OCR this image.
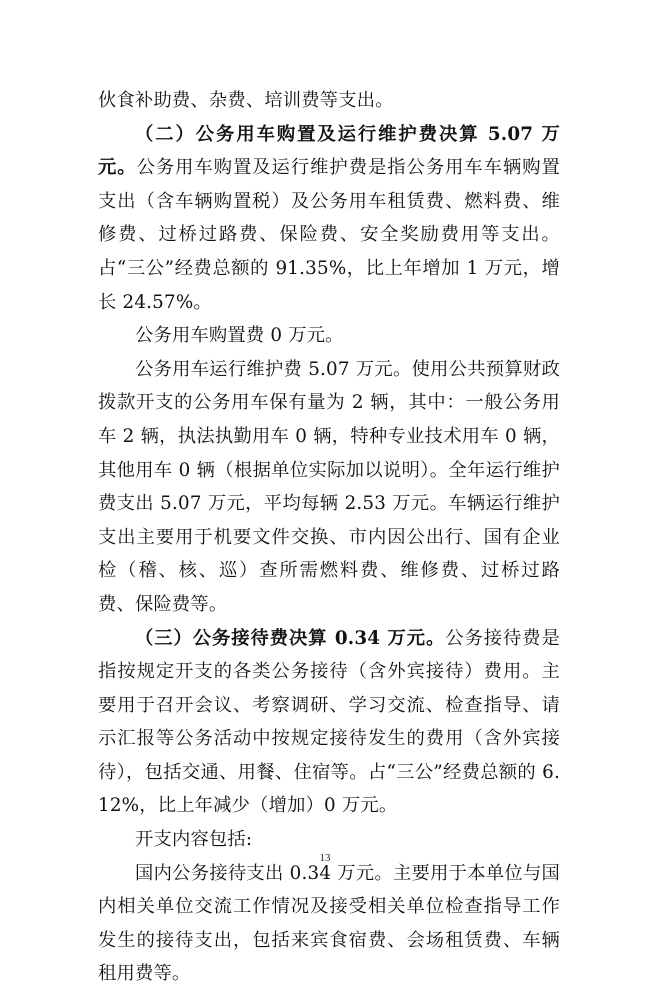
伙食补助费、杂费、培训费等支出。

（二）公务用车购置及运行维护费决算 5.07 万元。公务用车购置及运行维护费是指公务用车车辆购置支出（含车辆购置税）及公务用车租赁费、燃料费、维修费、过桥过路费、保险费、安全奖励费用等支出。占“三公”经费总额的 91.35%，比上年增加 1 万元，增长 24.57%。

公务用车购置费 0 万元。

公务用车运行维护费 5.07 万元。使用公共预算财政拨款开支的公务用车保有量为 2 辆，其中：一般公务用车 2 辆，执法执勤用车 0 辆，特种专业技术用车 0 辆，其他用车 0 辆（根据单位实际加以说明）。全年运行维护费支出 5.07 万元，平均每辆 2.53 万元。车辆运行维护支出主要用于机要文件交换、市内因公出行、国有企业检（稽、核、巡）查所需燃料费、维修费、过桥过路费、保险费等。

（三）公务接待费决算 0.34 万元。公务接待费是指按规定开支的各类公务接待（含外宾接待）费用。主要用于召开会议、考察调研、学习交流、检查指导、请示汇报等公务活动中按规定接待发生的费用（含外宾接待），包括交通、用餐、住宿等。占“三公”经费总额的 6.12%，比上年减少（增加）0 万元。

开支内容包括:

国内公务接待支出 0.34 万元。主要用于本单位与国内相关单位交流工作情况及接受相关单位检查指导工作发生的接待支出，包括来宾食宿费、会场租赁费、车辆租用费等。

13
